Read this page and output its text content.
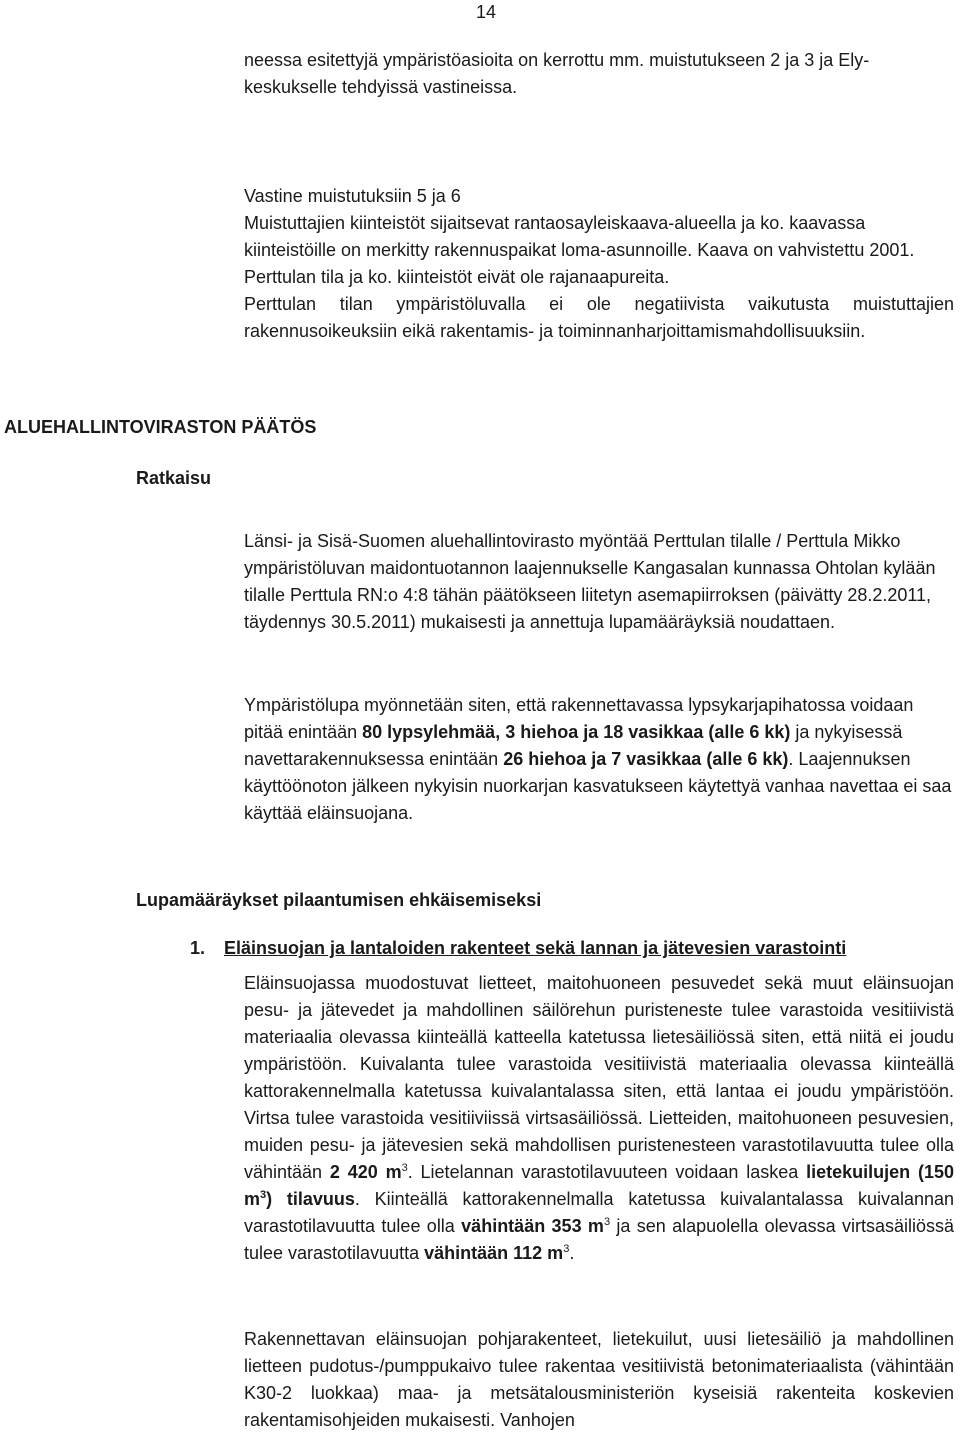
14

neessa esitettyjä ympäristöasioita on kerrottu mm. muistutukseen 2 ja 3 ja Ely-keskukselle tehdyissä vastineissa.

Vastine muistutuksiin 5 ja 6

Muistuttajien kiinteistöt sijaitsevat rantaosayleiskaava-alueella ja ko. kaavassa kiinteistöille on merkitty rakennuspaikat loma-asunnoille. Kaava on vahvistettu 2001. Perttulan tila ja ko. kiinteistöt eivät ole rajanaapureita.

Perttulan tilan ympäristöluvalla ei ole negatiivista vaikutusta muistuttajien rakennusoikeuksiin eikä rakentamis- ja toiminnanharjoittamismahdollisuuksiin.

ALUEHALLINTOVIRASTON PÄÄTÖS
Ratkaisu

Länsi- ja Sisä-Suomen aluehallintovirasto myöntää Perttulan tilalle / Perttula Mikko ympäristöluvan maidontuotannon laajennukselle Kangasalan kunnassa Ohtolan kylään tilalle Perttula RN:o 4:8 tähän päätökseen liitetyn asemapiirroksen (päivätty 28.2.2011, täydennys 30.5.2011) mukaisesti ja annettuja lupamääräyksiä noudattaen.

Ympäristölupa myönnetään siten, että rakennettavassa lypsykarjapihatossa voidaan pitää enintään 80 lypsylehmää, 3 hiehoa ja 18 vasikkaa (alle 6 kk) ja nykyisessä navettarakennuksessa enintään 26 hiehoa ja 7 vasikkaa (alle 6 kk). Laajennuksen käyttöönoton jälkeen nykyisin nuorkarjan kasvatukseen käytettyä vanhaa navettaa ei saa käyttää eläinsuojana.

Lupamääräykset pilaantumisen ehkäisemiseksi
1. Eläinsuojan ja lantaloiden rakenteet sekä lannan ja jätevesien varastointi

Eläinsuojassa muodostuvat lietteet, maitohuoneen pesuvedet sekä muut eläinsuojan pesu- ja jätevedet ja mahdollinen säilörehun puristeneste tulee varastoida vesitiivistä materiaalia olevassa kiinteällä katteella katetussa lietesäiliössä siten, että niitä ei joudu ympäristöön. Kuivalanta tulee varastoida vesitiivistä materiaalia olevassa kiinteällä kattorakennelmalla katetussa kuivalantalassa siten, että lantaa ei joudu ympäristöön. Virtsa tulee varastoida vesitiiviissä virtsasäiliössä. Lietteiden, maitohuoneen pesuvesien, muiden pesu- ja jätevesien sekä mahdollisen puristenesteen varastotilavuutta tulee olla vähintään 2 420 $m^3$. Lietelannan varastotilavuuteen voidaan laskea lietekuilujen (150 $m^3$) tilavuus. Kiinteällä kattorakennelmalla katetussa kuivalantalassa kuivalannan varastotilavuutta tulee olla vähintään 353 $m^3$ ja sen alapuolella olevassa virtsasäiliössä tulee varastotilavuutta vähintään 112 $m^3$.

Rakennettavan eläinsuojan pohjarakenteet, lietekuilut, uusi lietesäiliö ja mahdollinen lietteen pudotus-/pumppukaivo tulee rakentaa vesitiivistä betonimateriaalista (vähintään K30-2 luokkaa) maa- ja metsätalousministeriön kyseisiä rakenteita koskevien rakentamisohjeiden mukaisesti. Vanhojen
